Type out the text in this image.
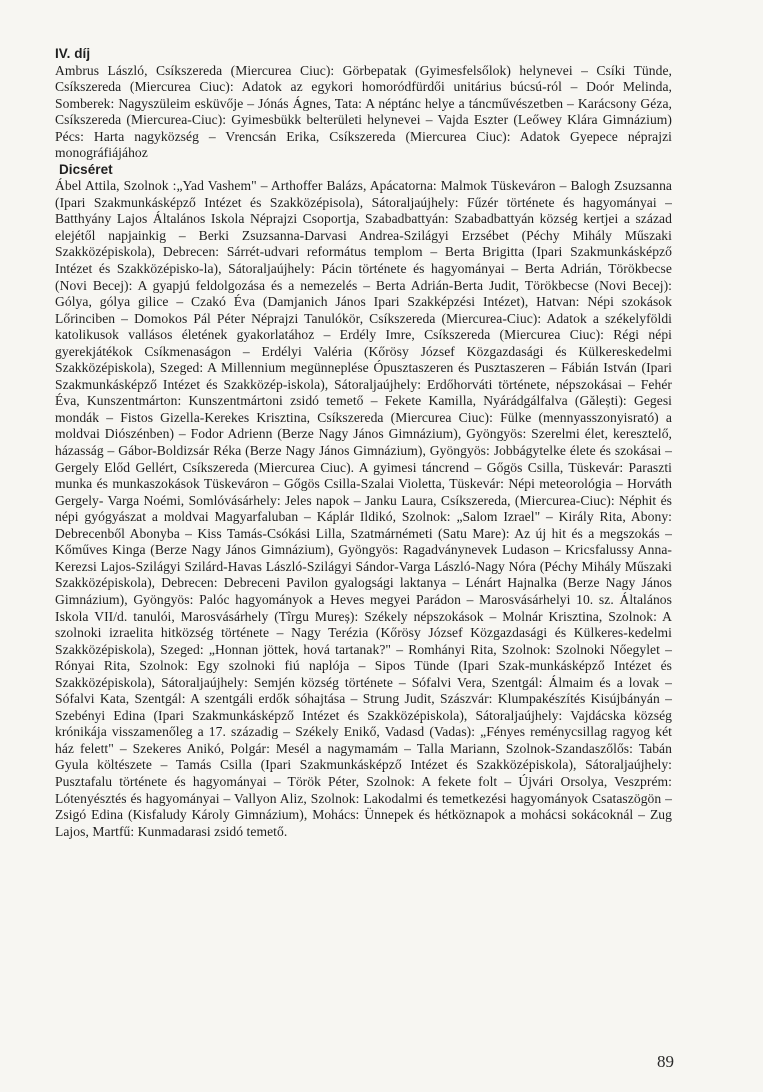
IV. díj

Ambrus László, Csíkszereda (Miercurea Ciuc): Görbepatak (Gyimesfelsőlok) helynevei – Csíki Tünde, Csíkszereda (Miercurea Ciuc): Adatok az egykori homoródfürdői unitárius búcsú-ról – Doór Melinda, Somberek: Nagyszüleim esküvője – Jónás Ágnes, Tata: A néptánc helye a táncművészetben – Karácsony Géza, Csíkszereda (Miercurea-Ciuc): Gyimesbükk belterületi helynevei – Vajda Eszter (Leőwey Klára Gimnázium) Pécs: Harta nagyközség – Vrencsán Erika, Csíkszereda (Miercurea Ciuc): Adatok Gyepece néprajzi monográfiájához

Dicséret

Ábel Attila, Szolnok :„Yad Vashem" – Arthoffer Balázs, Apácatorna: Malmok Tüskeváron – Balogh Zsuzsanna (Ipari Szakmunkásképző Intézet és Szakközépisola), Sátoraljaújhely: Fűzér története és hagyományai – Batthyány Lajos Általános Iskola Néprajzi Csoportja, Szabadbattyán: Szabadbattyán község kertjei a század elejétől napjainkig – Berki Zsuzsanna-Darvasi Andrea-Szilágyi Erzsébet (Péchy Mihály Műszaki Szakközépiskola), Debrecen: Sárrét-udvari református templom – Berta Brigitta (Ipari Szakmunkásképző Intézet és Szakközépisko-la), Sátoraljaújhely: Pácin története és hagyományai – Berta Adrián, Törökbecse (Novi Becej): A gyapjú feldolgozása és a nemezelés – Berta Adrián-Berta Judit, Törökbecse (Novi Becej): Gólya, gólya gilice – Czakó Éva (Damjanich János Ipari Szakképzési Intézet), Hatvan: Népi szokások Lőrinciben – Domokos Pál Péter Néprajzi Tanulókör, Csíkszereda (Miercurea-Ciuc): Adatok a székelyföldi katolikusok vallásos életének gyakorlatához – Erdély Imre, Csíkszereda (Miercurea Ciuc): Régi népi gyerekjátékok Csíkmenaságon – Erdélyi Valéria (Kőrösy József Közgazdasági és Külkereskedelmi Szakközépiskola), Szeged: A Millennium megünneplése Ópusztaszeren és Pusztaszeren – Fábián István (Ipari Szakmunkásképző Intézet és Szakközép-iskola), Sátoraljaújhely: Erdőhorváti története, népszokásai – Fehér Éva, Kunszentmárton: Kunszentmártoni zsidó temető – Fekete Kamilla, Nyárádgálfalva (Gălești): Gegesi mondák – Fistos Gizella-Kerekes Krisztina, Csíkszereda (Miercurea Ciuc): Fülke (mennyasszonyisrató) a moldvai Diószénben) – Fodor Adrienn (Berze Nagy János Gimnázium), Gyöngyös: Szerelmi élet, keresztelő, házasság – Gábor-Boldizsár Réka (Berze Nagy János Gimnázium), Gyöngyös: Jobbágytelke élete és szokásai – Gergely Előd Gellért, Csíkszereda (Miercurea Ciuc). A gyimesi táncrend – Gőgös Csilla, Tüskevár: Paraszti munka és munkaszokások Tüskeváron – Gőgös Csilla-Szalai Violetta, Tüskevár: Népi meteorológia – Horváth Gergely- Varga Noémi, Somlóvásárhely: Jeles napok – Janku Laura, Csíkszereda, (Miercurea-Ciuc): Néphit és népi gyógyászat a moldvai Magyarfaluban – Káplár Ildikó, Szolnok: „Salom Izrael" – Király Rita, Abony: Debrecenből Abonyba – Kiss Tamás-Csókási Lilla, Szatmárnémeti (Satu Mare): Az új hit és a megszokás – Kőműves Kinga (Berze Nagy János Gimnázium), Gyöngyös: Ragadványnevek Ludason – Kricsfalussy Anna-Kerezsi Lajos-Szilágyi Szilárd-Havas László-Szilágyi Sándor-Varga László-Nagy Nóra (Péchy Mihály Műszaki Szakközépiskola), Debrecen: Debreceni Pavilon gyalogsági laktanya – Lénárt Hajnalka (Berze Nagy János Gimnázium), Gyöngyös: Palóc hagyományok a Heves megyei Parádon – Marosvásárhelyi 10. sz. Általános Iskola VII/d. tanulói, Marosvásárhely (Tîrgu Mureș): Székely népszokások – Molnár Krisztina, Szolnok: A szolnoki izraelita hitközség története – Nagy Terézia (Kőrösy József Közgazdasági és Külkeres-kedelmi Szakközépiskola), Szeged: „Honnan jöttek, hová tartanak?" – Romhányi Rita, Szolnok: Szolnoki Nőegylet – Rónyai Rita, Szolnok: Egy szolnoki fiú naplója – Sipos Tünde (Ipari Szak-munkásképző Intézet és Szakközépiskola), Sátoraljaújhely: Semjén község története – Sófalvi Vera, Szentgál: Álmaim és a lovak – Sófalvi Kata, Szentgál: A szentgáli erdők sóhajtása – Strung Judit, Szászvár: Klumpakészítés Kisújbányán – Szebényi Edina (Ipari Szakmunkásképző Intézet és Szakközépiskola), Sátoraljaújhely: Vajdácska község krónikája visszamenőleg a 17. századig – Székely Enikő, Vadasd (Vadas): „Fényes reménycsillag ragyog két ház felett" – Szekeres Anikó, Polgár: Mesél a nagymamám – Talla Mariann, Szolnok-Szandaszőlős: Tabán Gyula költészete – Tamás Csilla (Ipari Szakmunkásképző Intézet és Szakközépiskola), Sátoraljaújhely: Pusztafalu története és hagyományai – Török Péter, Szolnok: A fekete folt – Újvári Orsolya, Veszprém: Lótenyésztés és hagyományai – Vallyon Aliz, Szolnok: Lakodalmi és temetkezési hagyományok Csataszögön – Zsigó Edina (Kisfaludy Károly Gimnázium), Mohács: Ünnepek és hétköznapok a mohácsi sokácoknál – Zug Lajos, Martfű: Kunmadarasi zsidó temető.

89
